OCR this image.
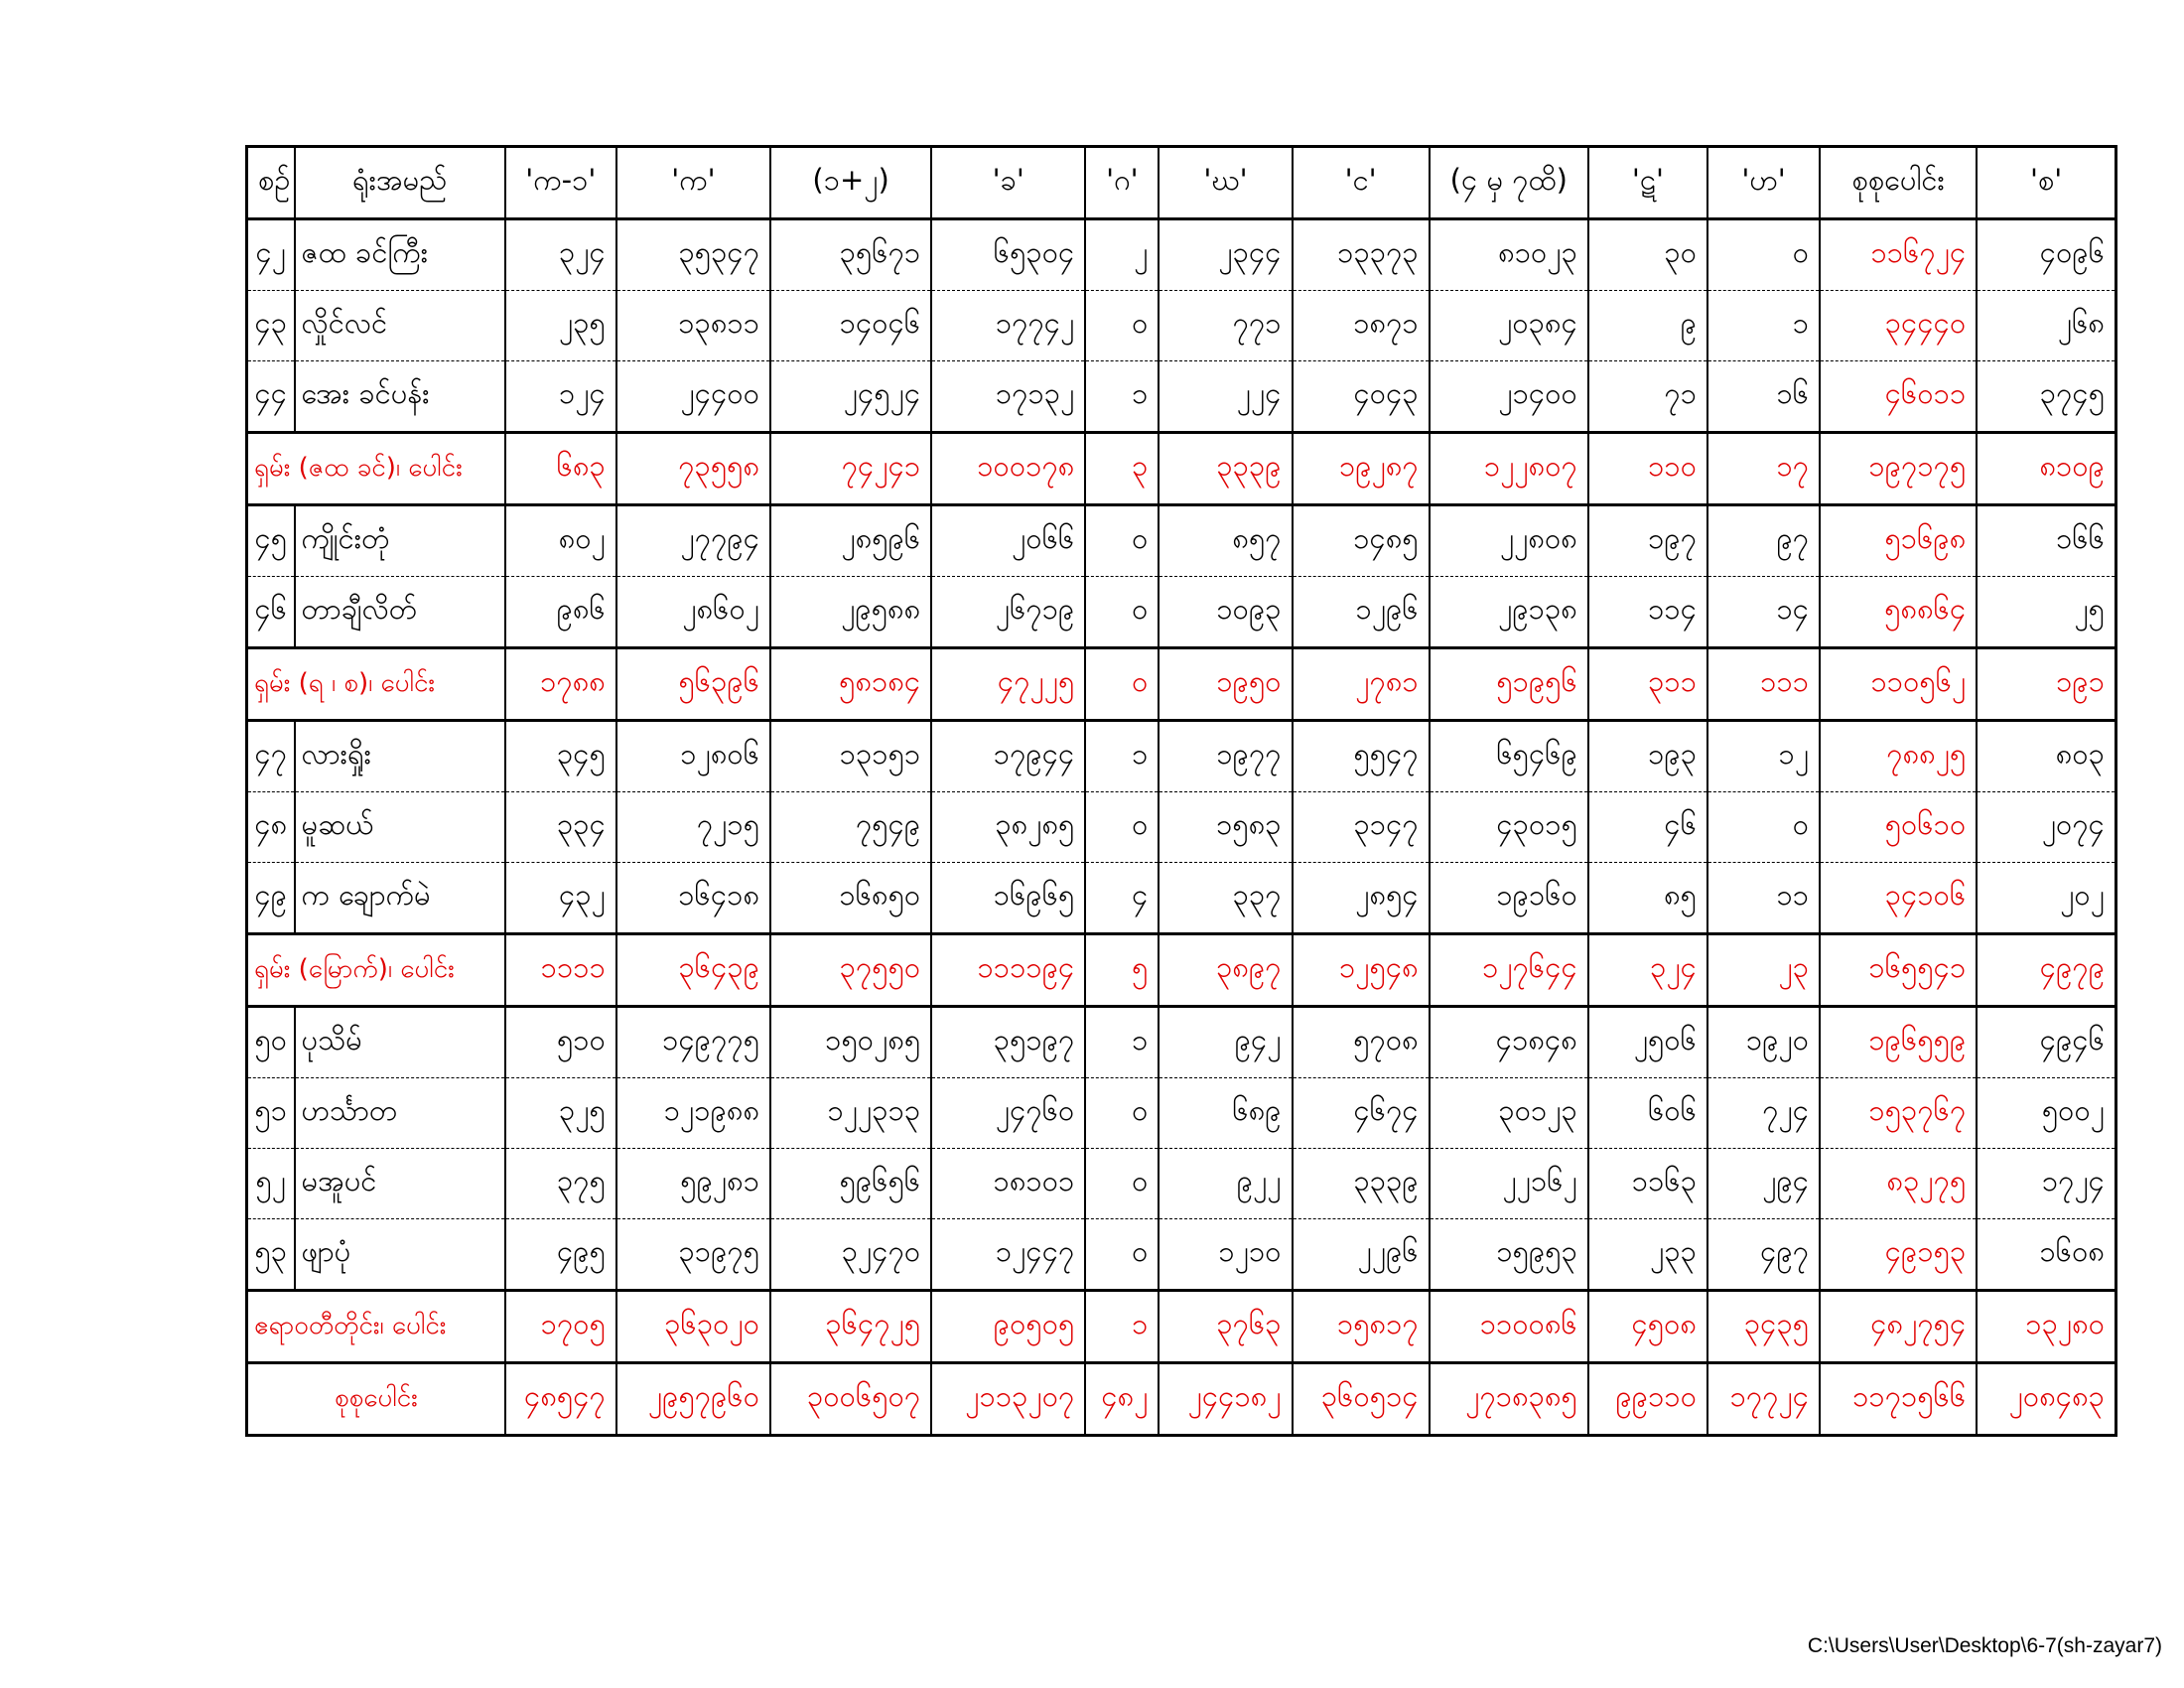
စဉ်	ရုံးအမည်	'က-၁'	'က'	(၁+၂)	'ခ'	'ဂ'	'ဃ'	'င'	(၄ မှ ၇ထိ)	'ဋ'	'ဟ'	စုစုပေါင်း	'စ'
၄၂	ဇထ ခင်ကြီး	၃၂၄	၃၅၃၄၇	၃၅၆၇၁	၆၅၃၀၄	၂	၂၃၄၄	၁၃၃၇၃	၈၁၀၂၃	၃၀	၀	၁၁၆၇၂၄	၄၀၉၆
၄၃	လှိုင်လင်	၂၃၅	၁၃၈၁၁	၁၄၀၄၆	၁၇၇၄၂	၀	၇၇၁	၁၈၇၁	၂၀၃၈၄	၉	၁	၃၄၄၄၀	၂၆၈
၄၄	အေး ခင်ပန်း	၁၂၄	၂၄၄၀၀	၂၄၅၂၄	၁၇၁၃၂	၁	၂၂၄	၄၀၄၃	၂၁၄၀၀	၇၁	၁၆	၄၆၀၁၁	၃၇၄၅
ရှမ်း (ဇထ ခင်)၊ ပေါင်း		၆၈၃	၇၃၅၅၈	၇၄၂၄၁	၁၀၀၁၇၈	၃	၃၃၃၉	၁၉၂၈၇	၁၂၂၈၀၇	၁၁၀	၁၇	၁၉၇၁၇၅	၈၁၀၉
၄၅	ကျိုင်းတုံ	၈၀၂	၂၇၇၉၄	၂၈၅၉၆	၂၀၆၆	၀	၈၅၇	၁၄၈၅	၂၂၈၀၈	၁၉၇	၉၇	၅၁၆၉၈	၁၆၆
၄၆	တာချီလိတ်	၉၈၆	၂၈၆၀၂	၂၉၅၈၈	၂၆၇၁၉	၀	၁၀၉၃	၁၂၉၆	၂၉၁၃၈	၁၁၄	၁၄	၅၈၈၆၄	၂၅
ရှမ်း (ရ ၊ စ)၊ ပေါင်း		၁၇၈၈	၅၆၃၉၆	၅၈၁၈၄	၄၇၂၂၅	၀	၁၉၅၀	၂၇၈၁	၅၁၉၅၆	၃၁၁	၁၁၁	၁၁၀၅၆၂	၁၉၁
၄၇	လားရှိုး	၃၄၅	၁၂၈၀၆	၁၃၁၅၁	၁၇၉၄၄	၁	၁၉၇၇	၅၅၄၇	၆၅၄၆၉	၁၉၃	၁၂	၇၈၈၂၅	၈၀၃
၄၈	မူဆယ်	၃၃၄	၇၂၁၅	၇၅၄၉	၃၈၂၈၅	၀	၁၅၈၃	၃၁၄၇	၄၃၀၁၅	၄၆	၀	၅၀၆၁၀	၂၀၇၄
၄၉	က ချောက်မဲ	၄၃၂	၁၆၄၁၈	၁၆၈၅၀	၁၆၉၆၅	၄	၃၃၇	၂၈၅၄	၁၉၁၆၀	၈၅	၁၁	၃၄၁၀၆	၂၀၂
ရှမ်း (မြောက်)၊ ပေါင်း		၁၁၁၁	၃၆၄၃၉	၃၇၅၅၀	၁၁၁၁၉၄	၅	၃၈၉၇	၁၂၅၄၈	၁၂၇၆၄၄	၃၂၄	၂၃	၁၆၅၅၄၁	၄၉၇၉
၅၀	ပုသိမ်	၅၁၀	၁၄၉၇၇၅	၁၅၀၂၈၅	၃၅၁၉၇	၁	၉၄၂	၅၇၀၈	၄၁၈၄၈	၂၅၀၆	၁၉၂၀	၁၉၆၅၅၉	၄၉၄၆
၅၁	ဟင်္သာတ	၃၂၅	၁၂၁၉၈၈	၁၂၂၃၁၃	၂၄၇၆၀	၀	၆၈၉	၄၆၇၄	၃၀၁၂၃	၆၀၆	၇၂၄	၁၅၃၇၆၇	၅၀၀၂
၅၂	မအူပင်	၃၇၅	၅၉၂၈၁	၅၉၆၅၆	၁၈၁၀၁	၀	၉၂၂	၃၃၃၉	၂၂၁၆၂	၁၁၆၃	၂၉၄	၈၃၂၇၅	၁၇၂၄
၅၃	ဖျာပုံ	၄၉၅	၃၁၉၇၅	၃၂၄၇၀	၁၂၄၄၇	၀	၁၂၁၀	၂၂၉၆	၁၅၉၅၃	၂၃၃	၄၉၇	၄၉၁၅၃	၁၆၀၈
ဧရာဝတီတိုင်း၊ ပေါင်း		၁၇၀၅	၃၆၃၀၂၀	၃၆၄၇၂၅	၉၀၅၀၅	၁	၃၇၆၃	၁၅၈၁၇	၁၁၀၀၈၆	၄၅၀၈	၃၄၃၅	၄၈၂၇၅၄	၁၃၂၈၀
စုစုပေါင်း		၄၈၅၄၇	၂၉၅၇၉၆၀	၃၀၀၆၅၀၇	၂၁၁၃၂၀၇	၄၈၂	၂၄၄၁၈၂	၃၆၀၅၁၄	၂၇၁၈၃၈၅	၉၉၁၁၀	၁၇၇၂၄	၁၁၇၁၅၆၆	၂၀၈၄၈၃
C:\Users\User\Desktop\6-7(sh-zayar7)
